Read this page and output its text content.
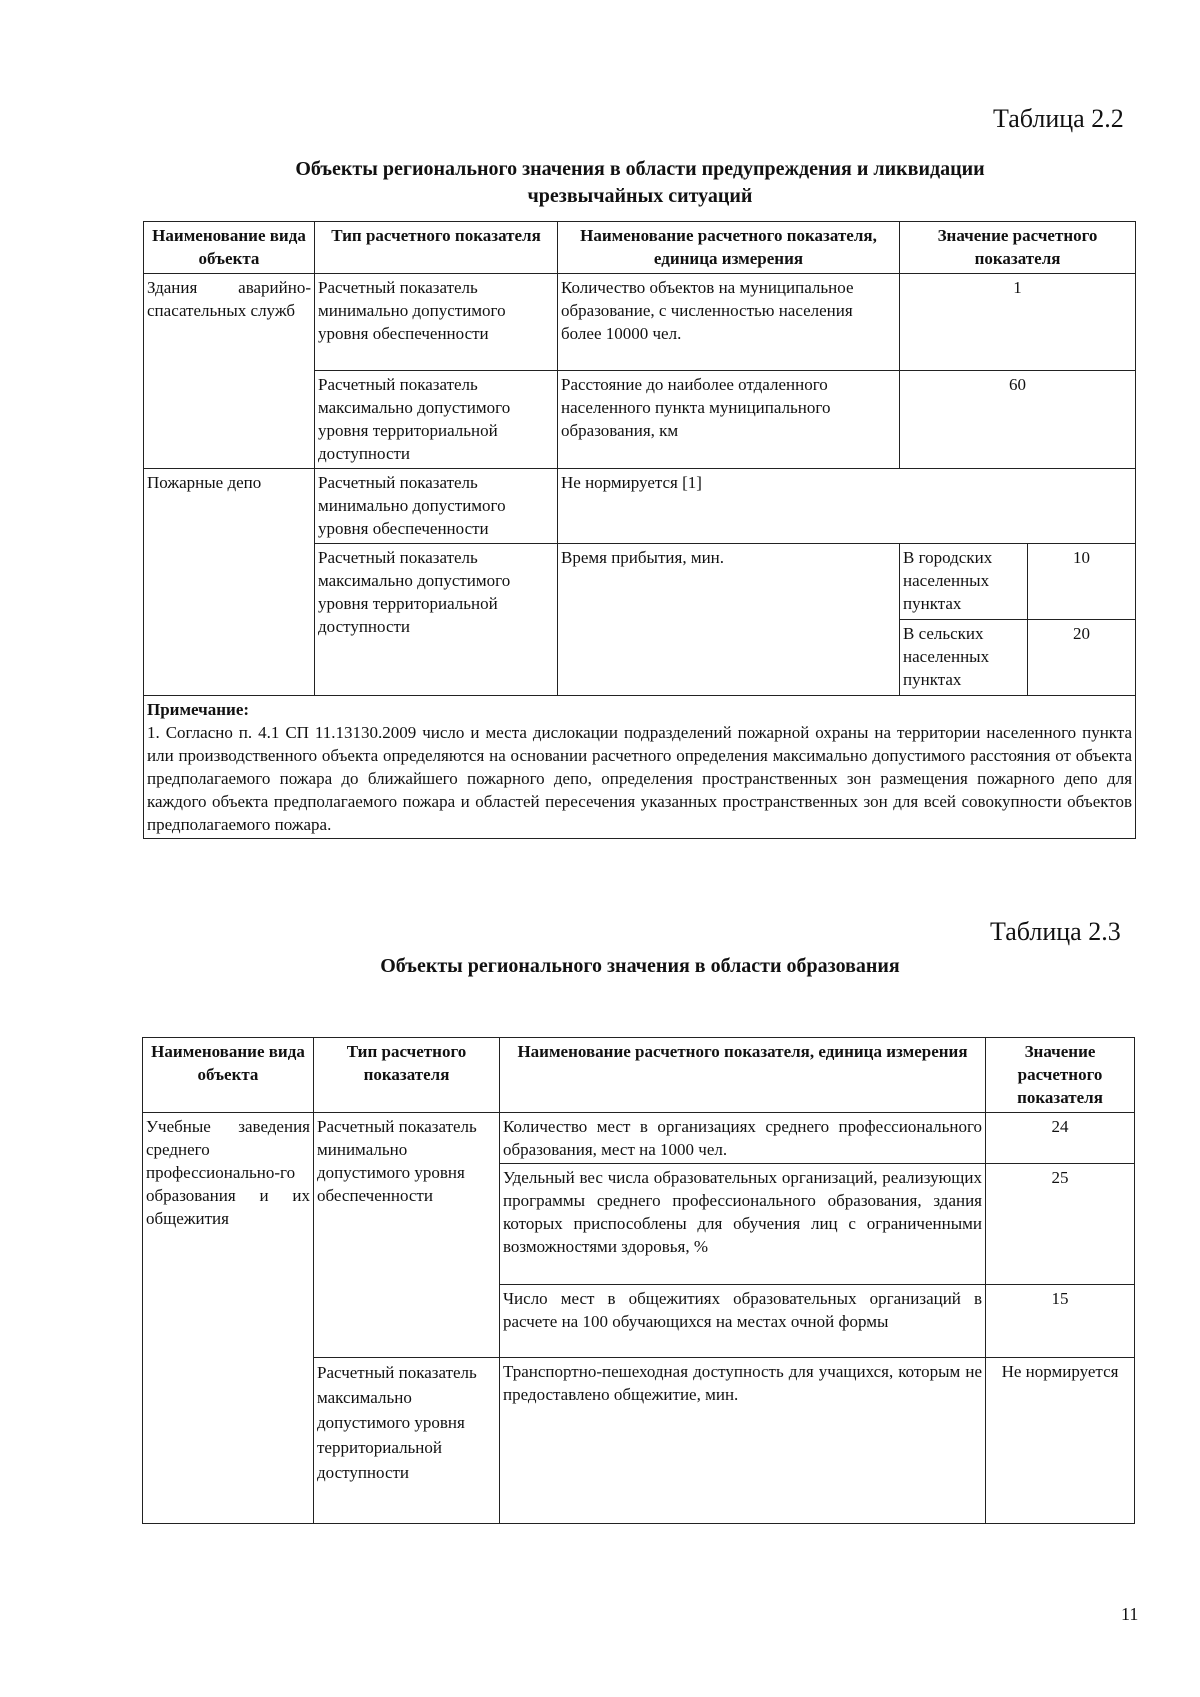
Таблица 2.2
Объекты регионального значения в области предупреждения и ликвидации
чрезвычайных ситуаций
Наименование вида объекта	Тип расчетного показателя	Наименование расчетного показателя, единица измерения	Значение расчетного показателя	
Здания аварийно-спасательных служб	Расчетный показатель минимально допустимого уровня обеспеченности	Количество объектов на муниципальное образование, с численностью населения более 10000 чел.	1	
	Расчетный показатель максимально допустимого уровня территориальной доступности	Расстояние до наиболее отдаленного населенного пункта муниципального образования, км	60	
Пожарные депо	Расчетный показатель минимально допустимого уровня обеспеченности	Не нормируется [1]		
	Расчетный показатель максимально допустимого уровня территориальной доступности	Время прибытия, мин.	В городских населенных пунктах	10
			В сельских населенных пунктах	20

Примечание:
1. Согласно п. 4.1 СП 11.13130.2009 число и места дислокации подразделений пожарной охраны на территории населенного пункта или производственного объекта определяются на основании расчетного определения максимально допустимого расстояния от объекта предполагаемого пожара до ближайшего пожарного депо, определения пространственных зон размещения пожарного депо для каждого объекта предполагаемого пожара и областей пересечения указанных пространственных зон для всей совокупности объектов предполагаемого пожара.				
Таблица 2.3
Объекты регионального значения в области образования
Наименование вида объекта	Тип расчетного показателя	Наименование расчетного показателя, единица измерения	Значение расчетного показателя
Учебные заведения среднего профессионально-го образования и их общежития	Расчетный показатель минимально допустимого уровня обеспеченности	Количество мест в организациях среднего профессионального образования, мест на 1000 чел.	24
		Удельный вес числа образовательных организаций, реализующих программы среднего профессионального образования, здания которых приспособлены для обучения лиц с ограниченными возможностями здоровья, %	25
		Число мест в общежитиях образовательных организаций в расчете на 100 обучающихся на местах очной формы	15
	Расчетный показатель максимально допустимого уровня территориальной доступности	Транспортно-пешеходная доступность для учащихся, которым не предоставлено общежитие, мин.	Не нормируется
11
